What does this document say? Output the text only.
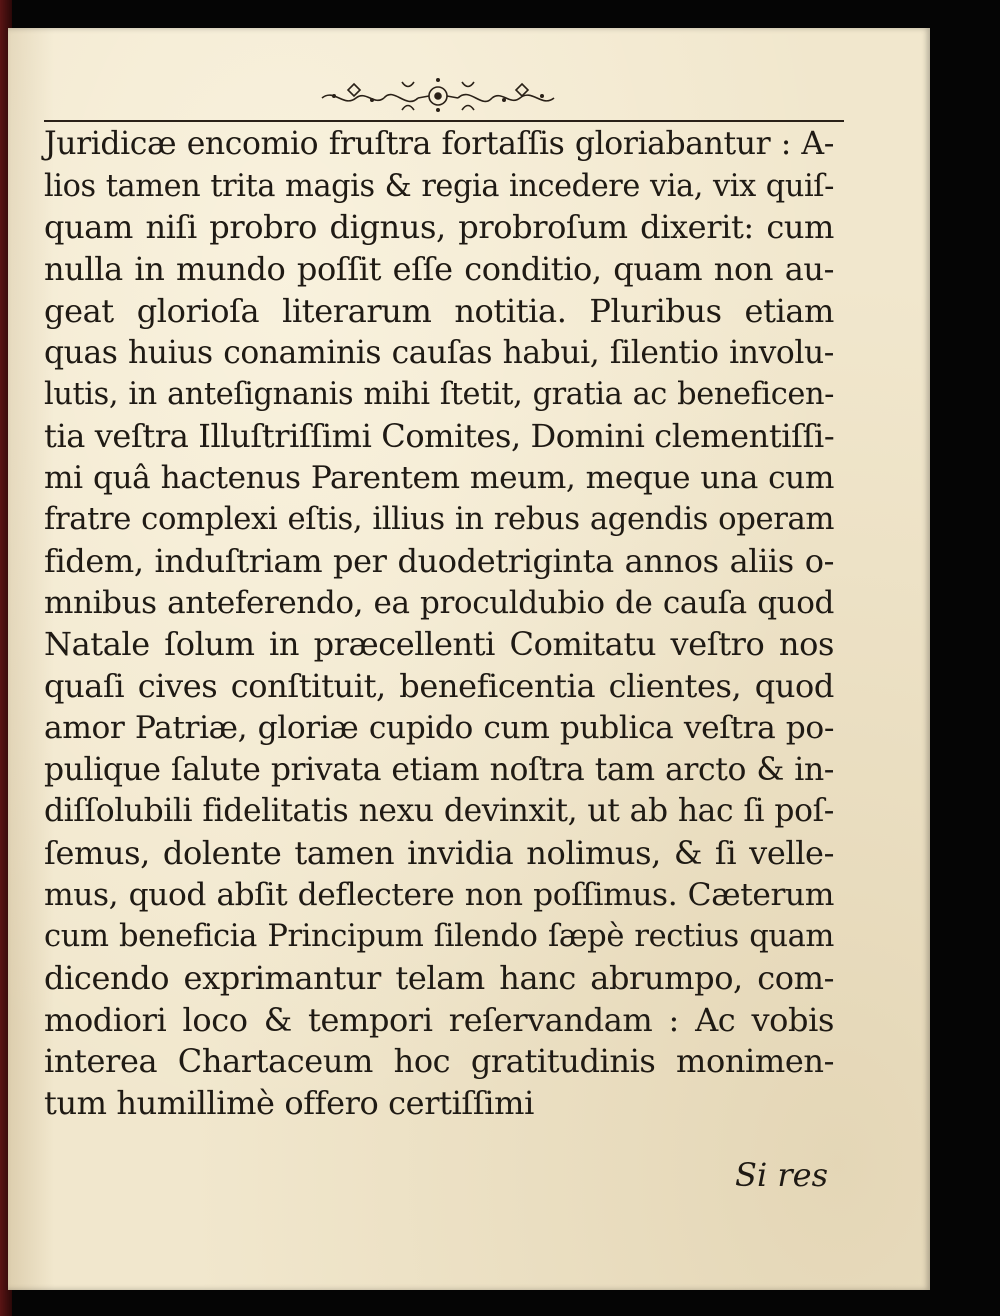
Juridicæ encomio fruſtra fortaſſis gloriabantur : A-
lios tamen trita magis & regia incedere via, vix quiſ-
quam niſi probro dignus, probroſum dixerit: cum
nulla in mundo poſſit eſſe conditio, quam non au-
geat glorioſa literarum notitia. Pluribus etiam
quas huius conaminis cauſas habui, ſilentio involu-
lutis, in anteſignanis mihi ſtetit, gratia ac beneficen-
tia veſtra Illuſtriſſimi Comites, Domini clementiſſi-
mi quâ hactenus Parentem meum, meque una cum
fratre complexi eſtis, illius in rebus agendis operam
fidem, induſtriam per duodetriginta annos aliis o-
mnibus anteferendo, ea proculdubio de cauſa quod
Natale ſolum in præcellenti Comitatu veſtro nos
quaſi cives conſtituit, beneficentia clientes, quod
amor Patriæ, gloriæ cupido cum publica veſtra po-
pulique ſalute privata etiam noſtra tam arcto & in-
diſſolubili fidelitatis nexu devinxit, ut ab hac ſi poſ-
ſemus, dolente tamen invidia nolimus, & ſi velle-
mus, quod abſit deflectere non poſſimus. Cæterum
cum beneficia Principum ſilendo ſæpè rectius quam
dicendo exprimantur telam hanc abrumpo, com-
modiori loco & tempori reſervandam : Ac vobis
interea Chartaceum hoc gratitudinis monimen-
tum humillimè offero certiſſimi
Si res
